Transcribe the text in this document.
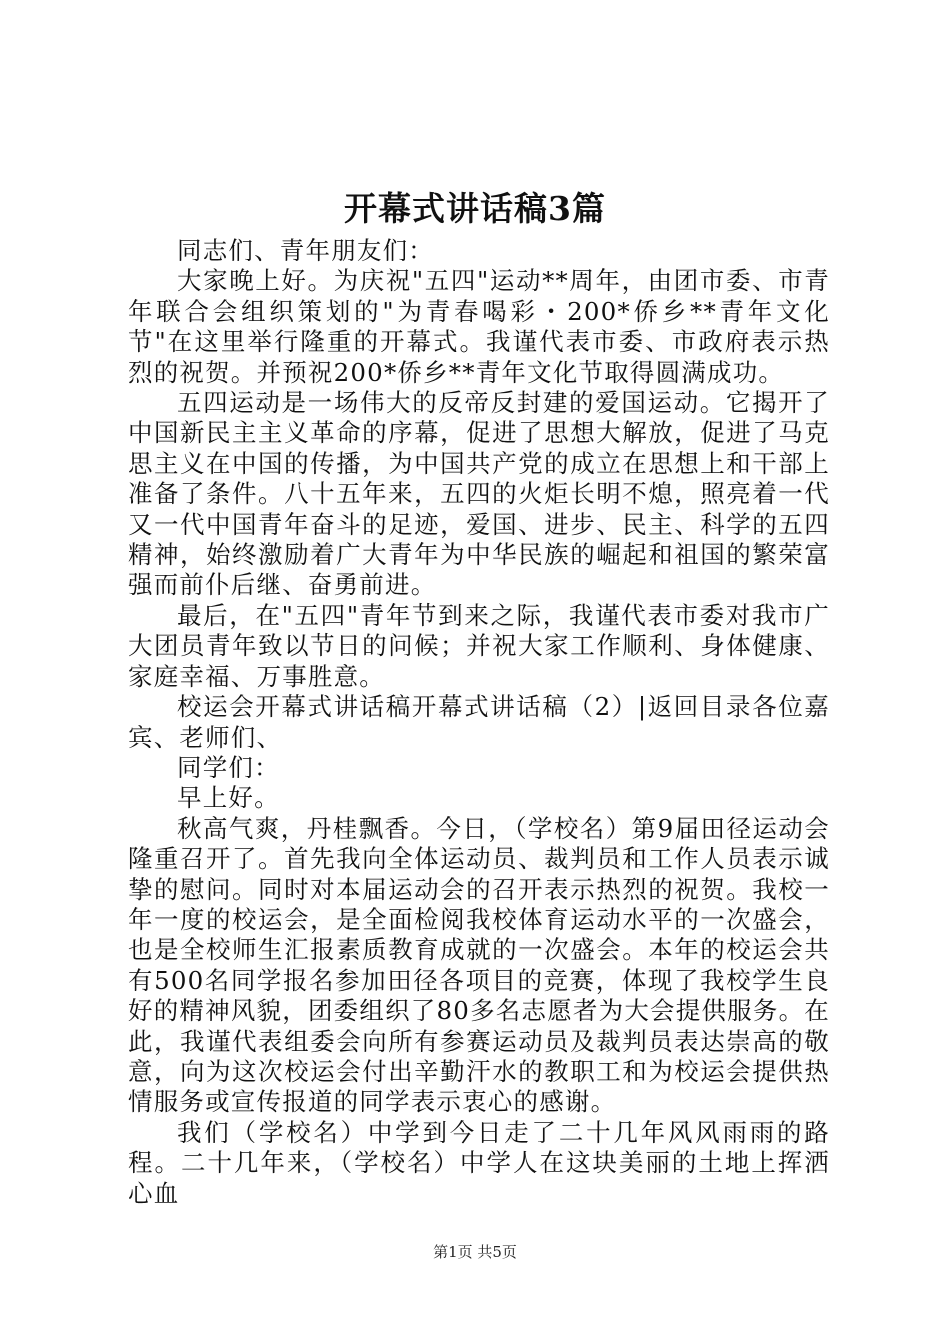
开幕式讲话稿3篇

同志们、青年朋友们：

大家晚上好。为庆祝"五四"运动**周年，由团市委、市青年联合会组织策划的"为青春喝彩・200*侨乡**青年文化节"在这里举行隆重的开幕式。我谨代表市委、市政府表示热烈的祝贺。并预祝200*侨乡**青年文化节取得圆满成功。

五四运动是一场伟大的反帝反封建的爱国运动。它揭开了中国新民主主义革命的序幕，促进了思想大解放，促进了马克思主义在中国的传播，为中国共产党的成立在思想上和干部上准备了条件。八十五年来，五四的火炬长明不熄，照亮着一代又一代中国青年奋斗的足迹，爱国、进步、民主、科学的五四精神，始终激励着广大青年为中华民族的崛起和祖国的繁荣富强而前仆后继、奋勇前进。

最后，在"五四"青年节到来之际，我谨代表市委对我市广大团员青年致以节日的问候；并祝大家工作顺利、身体健康、家庭幸福、万事胜意。

校运会开幕式讲话稿开幕式讲话稿（2）|返回目录各位嘉宾、老师们、

同学们：

早上好。

秋高气爽，丹桂飘香。今日，（学校名）第9届田径运动会隆重召开了。首先我向全体运动员、裁判员和工作人员表示诚挚的慰问。同时对本届运动会的召开表示热烈的祝贺。我校一年一度的校运会，是全面检阅我校体育运动水平的一次盛会，也是全校师生汇报素质教育成就的一次盛会。本年的校运会共有500名同学报名参加田径各项目的竞赛，体现了我校学生良好的精神风貌，团委组织了80多名志愿者为大会提供服务。在此，我谨代表组委会向所有参赛运动员及裁判员表达崇高的敬意，向为这次校运会付出辛勤汗水的教职工和为校运会提供热情服务或宣传报道的同学表示衷心的感谢。

我们（学校名）中学到今日走了二十几年风风雨雨的路程。二十几年来，（学校名）中学人在这块美丽的土地上挥洒心血

第1页 共5页
